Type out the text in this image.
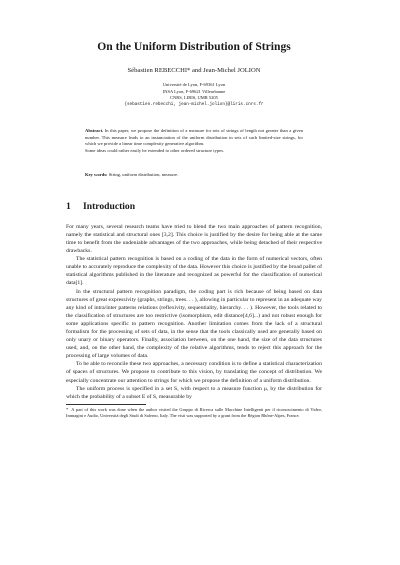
On the Uniform Distribution of Strings
Sébastien REBECCHI* and Jean-Michel JOLION
Université de Lyon, F-69361 Lyon
INSA Lyon, F-69621 Villeurbanne
CNRS, LIRIS, UMR 5205
{sebastien.rebecchi, jean-michel.jolion}@liris.cnrs.fr

Abstract. In this paper, we propose the definition of a measure for sets of strings of length not greater than a given number. This measure leads to an instanciation of the uniform distribution in sets of such limited-size strings, for which we provide a linear time complexity generative algorithm.

Some ideas could rather easily be extended to other ordered structure types.

Key words: String, uniform distribution, measure.
1 Introduction

For many years, several research teams have tried to blend the two main approaches of pattern recognition, namely the statistical and structural ones [3,2]. This choice is justified by the desire for being able at the same time to benefit from the undeniable advantages of the two approaches, while being detached of their respective drawbacks.

The statistical pattern recognition is based on a coding of the data in the form of numerical vectors, often unable to accurately reproduce the complexity of the data. However this choice is justified by the broad pallet of statistical algorithms published in the literature and recognized as powerful for the classification of numerical data[1].

In the structural pattern recognition paradigm, the coding part is rich because of being based on data structures of great expressivity (graphs, strings, trees. . . ), allowing in particular to represent in an adequate way any kind of intra/inter patterns relations (reflexivity, sequentiality, hierarchy. . . ). However, the tools related to the classification of structures are too restrictive (isomorphism, edit distance[4,6]...) and not robust enough for some applications specific to pattern recognition. Another limitation comes from the lack of a structural formalism for the processing of sets of data, in the sense that the tools classically used are generally based on only unary or binary operators. Finally, association between, on the one hand, the size of the data structures used, and, on the other hand, the complexity of the relative algorithms, tends to reject this approach for the processing of large volumes of data.

To be able to reconcile these two approaches, a necessary condition is to define a statistical characterization of spaces of structures. We propose to contribute to this vision, by translating the concept of distribution. We especially concentrate our attention to strings for which we propose the definition of a uniform distribution.

The uniform process is specified in a set S, with respect to a measure function μ, by the distribution for which the probability of a subset E of S, measurable by

* A part of this work was done when the author visited the Gruppo di Ricerca sulle Macchine Intelligenti per il riconoscimento di Video, Immagini e Audio, Università degli Studi di Salerno, Italy. The visit was supported by a grant from the Région Rhône-Alpes, France.
